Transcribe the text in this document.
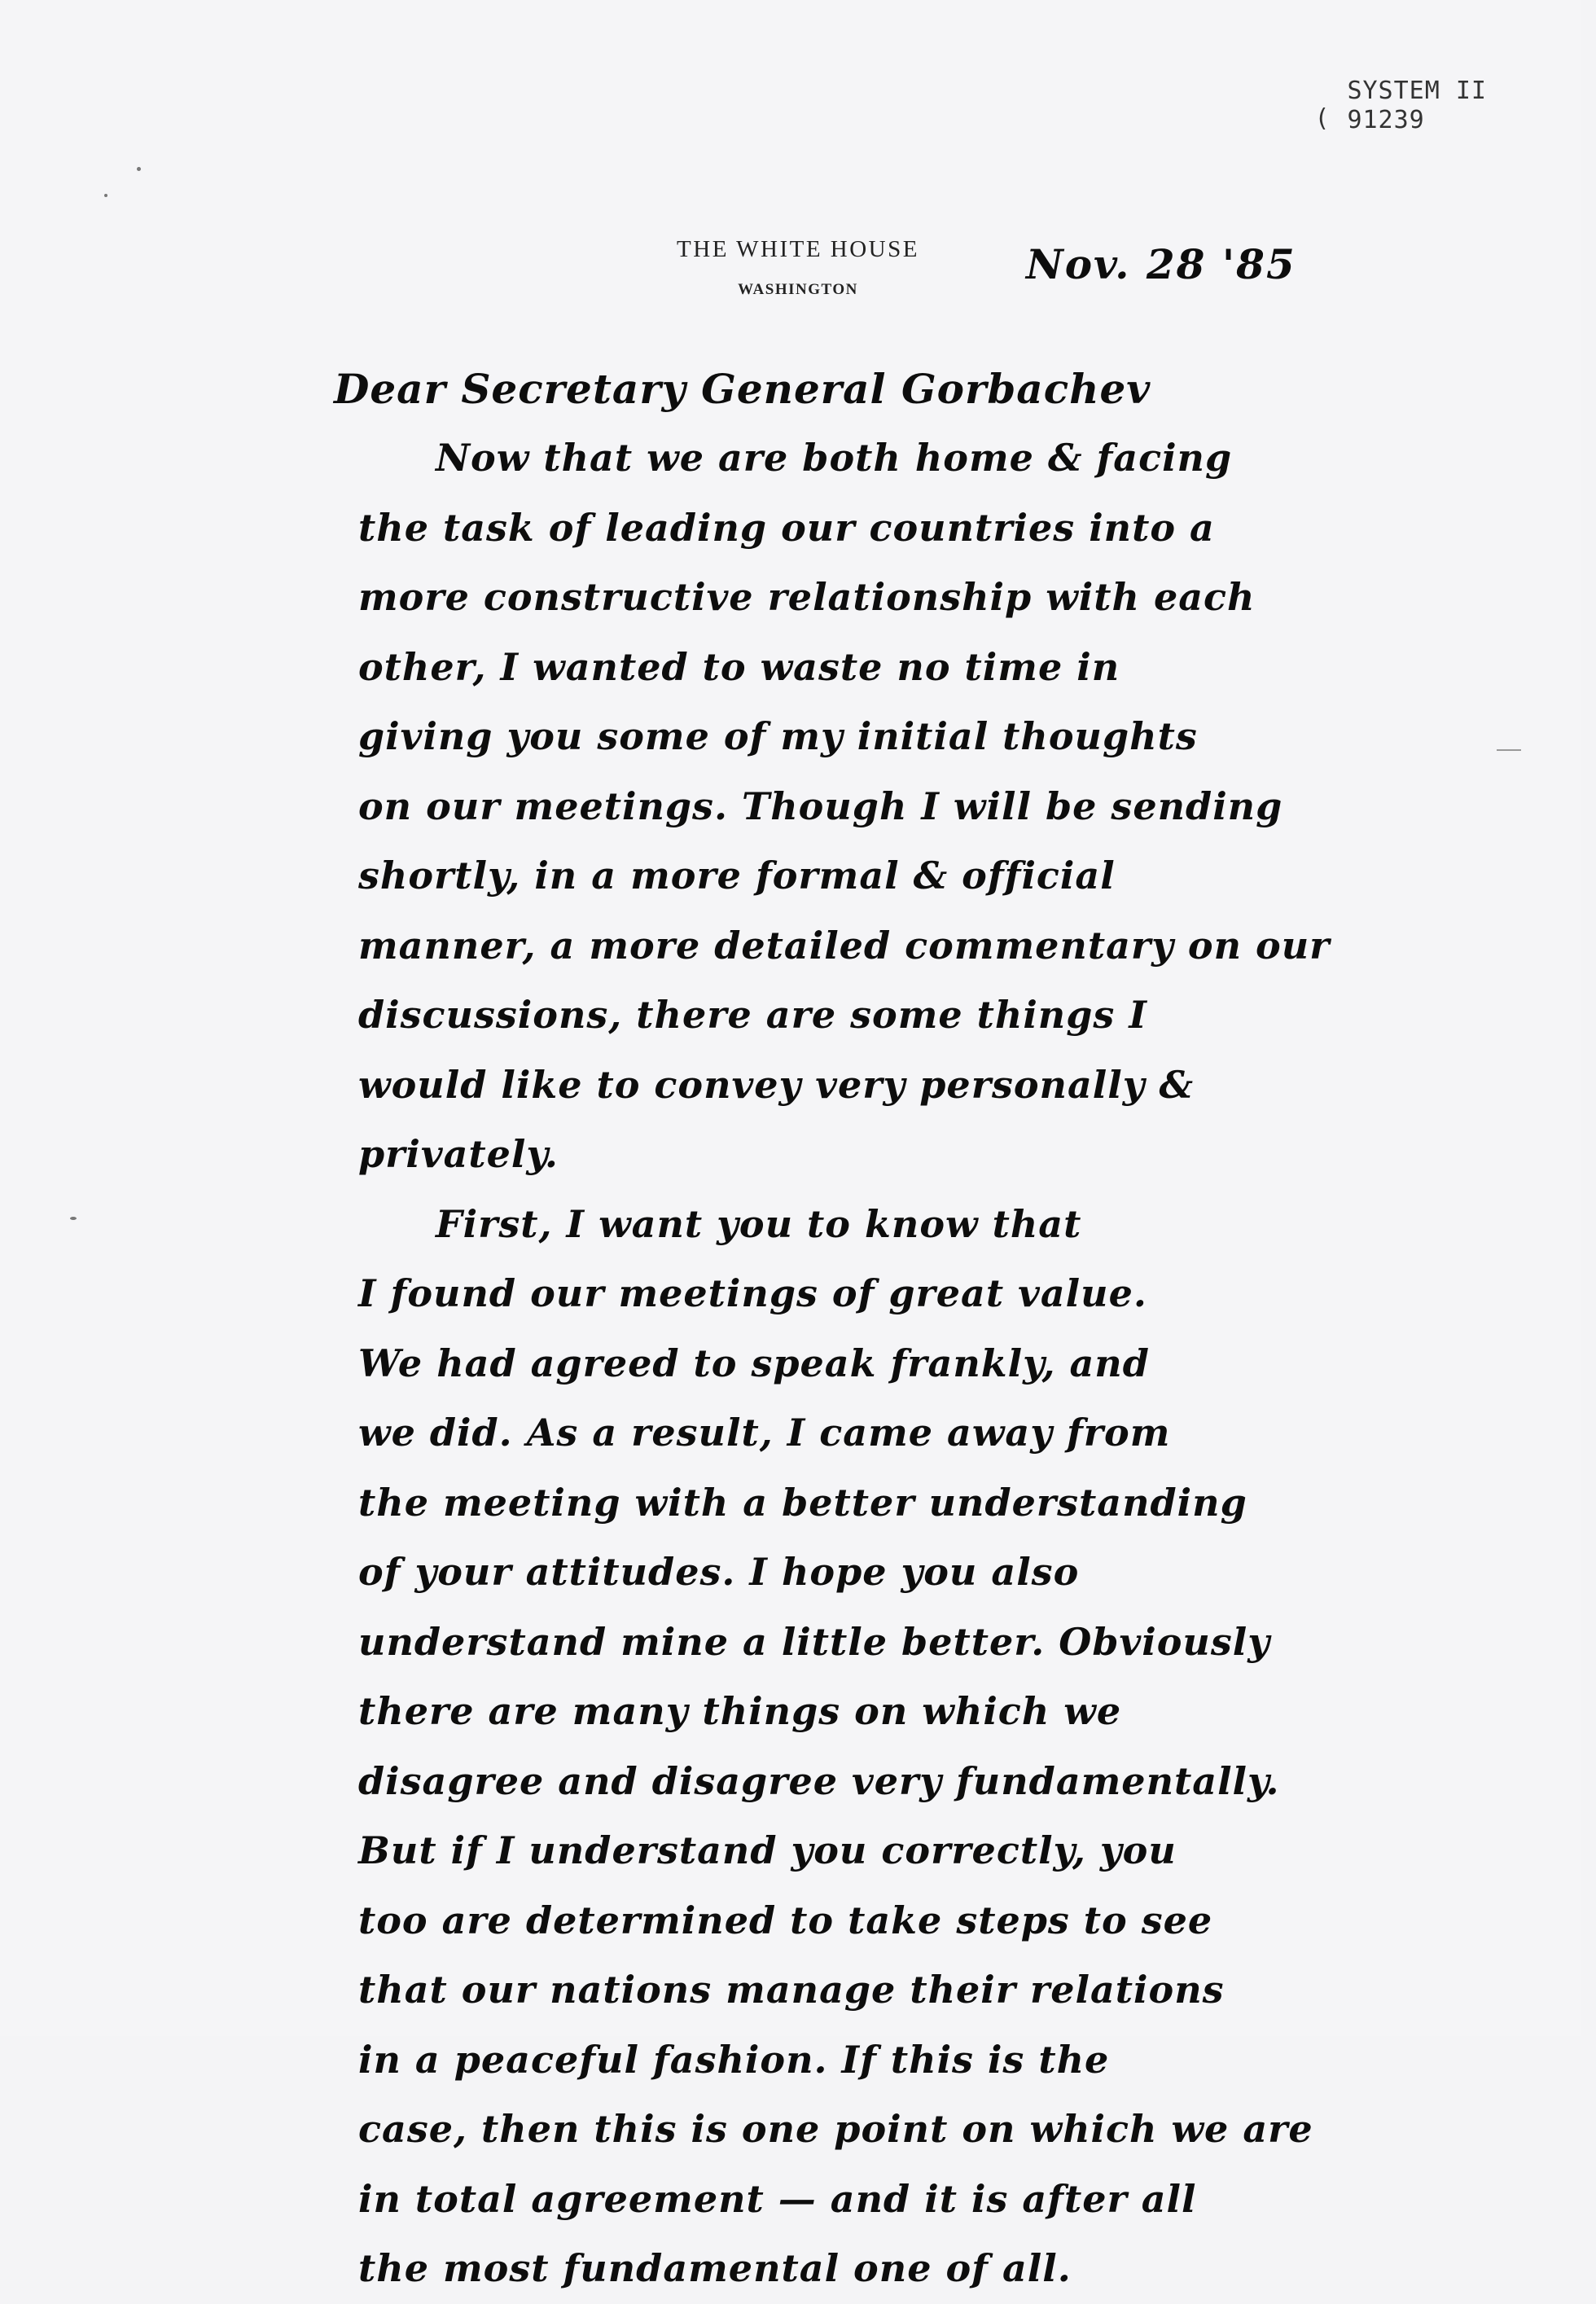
SYSTEM II
( 91239
THE WHITE HOUSE
WASHINGTON
Nov. 28 '85
Dear Secretary General Gorbachev
Now that we are both home & facing
the task of leading our countries into a
more constructive relationship with each
other, I wanted to waste no time in
giving you some of my initial thoughts
on our meetings. Though I will be sending
shortly, in a more formal & official
manner, a more detailed commentary on our
discussions, there are some things I
would like to convey very personally &
privately.
First, I want you to know that
I found our meetings of great value.
We had agreed to speak frankly, and
we did. As a result, I came away from
the meeting with a better understanding
of your attitudes. I hope you also
understand mine a little better. Obviously
there are many things on which we
disagree and disagree very fundamentally.
But if I understand you correctly, you
too are determined to take steps to see
that our nations manage their relations
in a peaceful fashion. If this is the
case, then this is one point on which we are
in total agreement — and it is after all
the most fundamental one of all.
